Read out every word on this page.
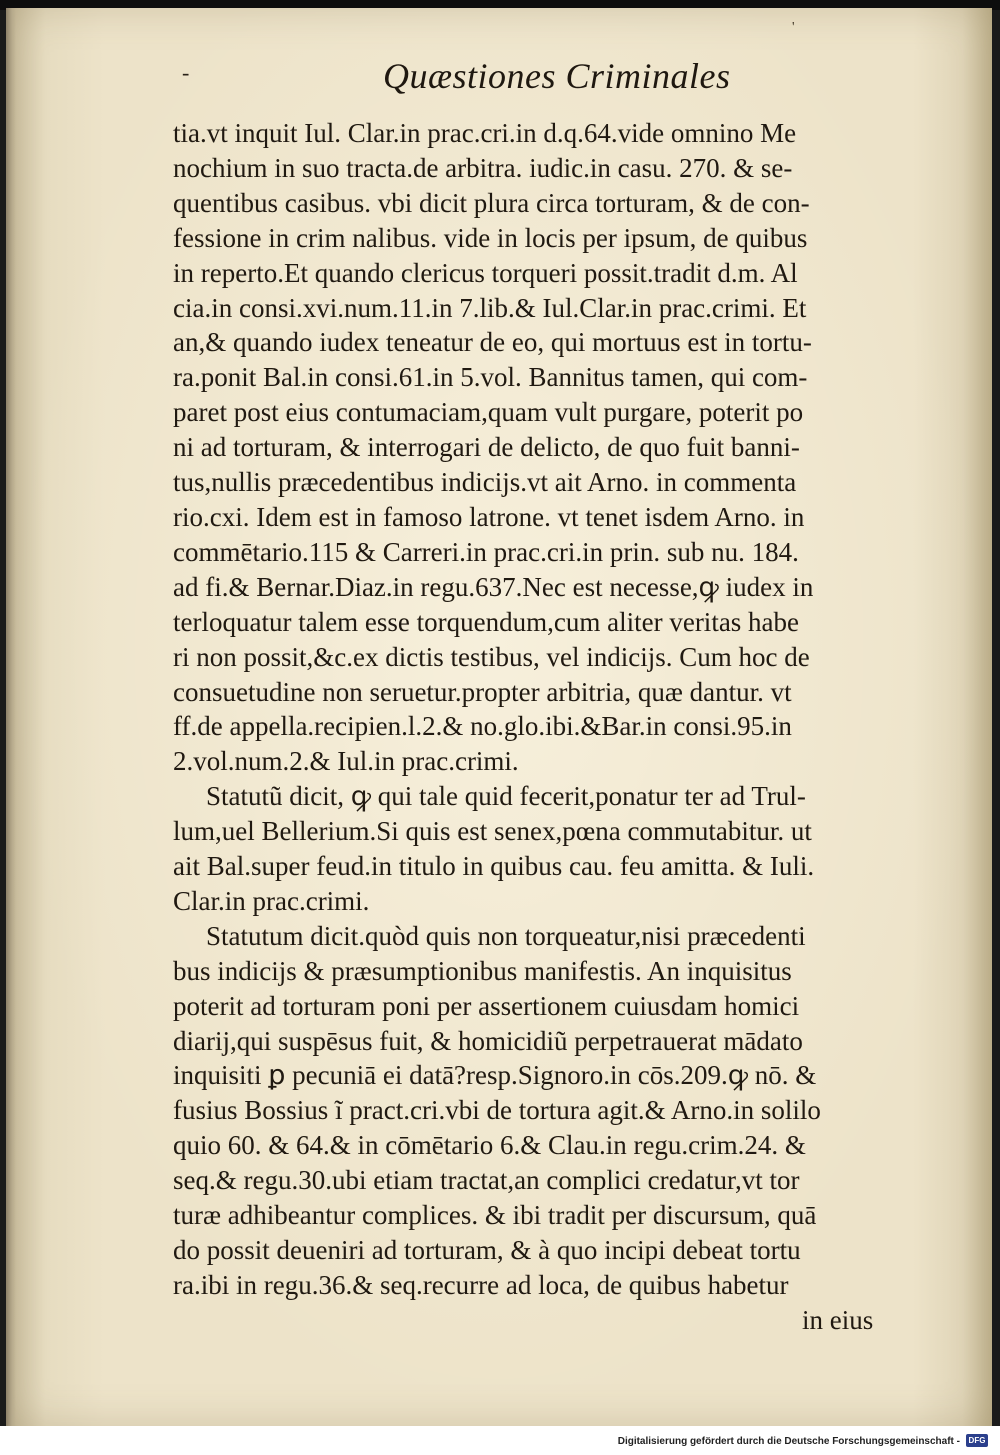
-
'
Quæstiones Criminales
tia.vt inquit Iul. Clar.in prac.cri.in d.q.64.vide omnino Me
nochium in suo tracta.de arbitra. iudic.in casu. 270. & se-
quentibus casibus. vbi dicit plura circa torturam, & de con-
fessione in crim nalibus. vide in locis per ipsum, de quibus
in reperto.Et quando clericus torqueri possit.tradit d.m. Al
cia.in consi.xvi.num.11.in 7.lib.& Iul.Clar.in prac.crimi. Et
an,& quando iudex teneatur de eo, qui mortuus est in tortu-
ra.ponit Bal.in consi.61.in 5.vol. Bannitus tamen, qui com-
paret post eius contumaciam,quam vult purgare, poterit po
ni ad torturam, & interrogari de delicto, de quo fuit banni-
tus,nullis præcedentibus indicijs.vt ait Arno. in commenta
rio.cxi. Idem est in famoso latrone. vt tenet isdem Arno. in
commētario.115 & Carreri.in prac.cri.in prin. sub nu. 184.
ad fi.& Bernar.Diaz.in regu.637.Nec est necesse,ꝙ iudex in
terloquatur talem esse torquendum,cum aliter veritas habe
ri non possit,&c.ex dictis testibus, vel indicijs. Cum hoc de
consuetudine non seruetur.propter arbitria, quæ dantur. vt
ff.de appella.recipien.l.2.& no.glo.ibi.&Bar.in consi.95.in
2.vol.num.2.& Iul.in prac.crimi.
Statutũ dicit, ꝙ qui tale quid fecerit,ponatur ter ad Trul-
lum,uel Bellerium.Si quis est senex,pœna commutabitur. ut
ait Bal.super feud.in titulo in quibus cau. feu amitta. & Iuli.
Clar.in prac.crimi.
Statutum dicit.quòd quis non torqueatur,nisi præcedenti
bus indicijs & præsumptionibus manifestis. An inquisitus
poterit ad torturam poni per assertionem cuiusdam homici
diarij,qui suspēsus fuit, & homicidiũ perpetrauerat mādato
inquisiti ꝑ pecuniā ei datā?resp.Signoro.in cōs.209.ꝙ nō. &
fusius Bossius ĩ pract.cri.vbi de tortura agit.& Arno.in solilo
quio 60. & 64.& in cōmētario 6.& Clau.in regu.crim.24. &
seq.& regu.30.ubi etiam tractat,an complici credatur,vt tor
turæ adhibeantur complices. & ibi tradit per discursum, quā
do possit deueniri ad torturam, & à quo incipi debeat tortu
ra.ibi in regu.36.& seq.recurre ad loca, de quibus habetur
in eius
Digitalisierung gefördert durch die Deutsche Forschungsgemeinschaft -	DFG
